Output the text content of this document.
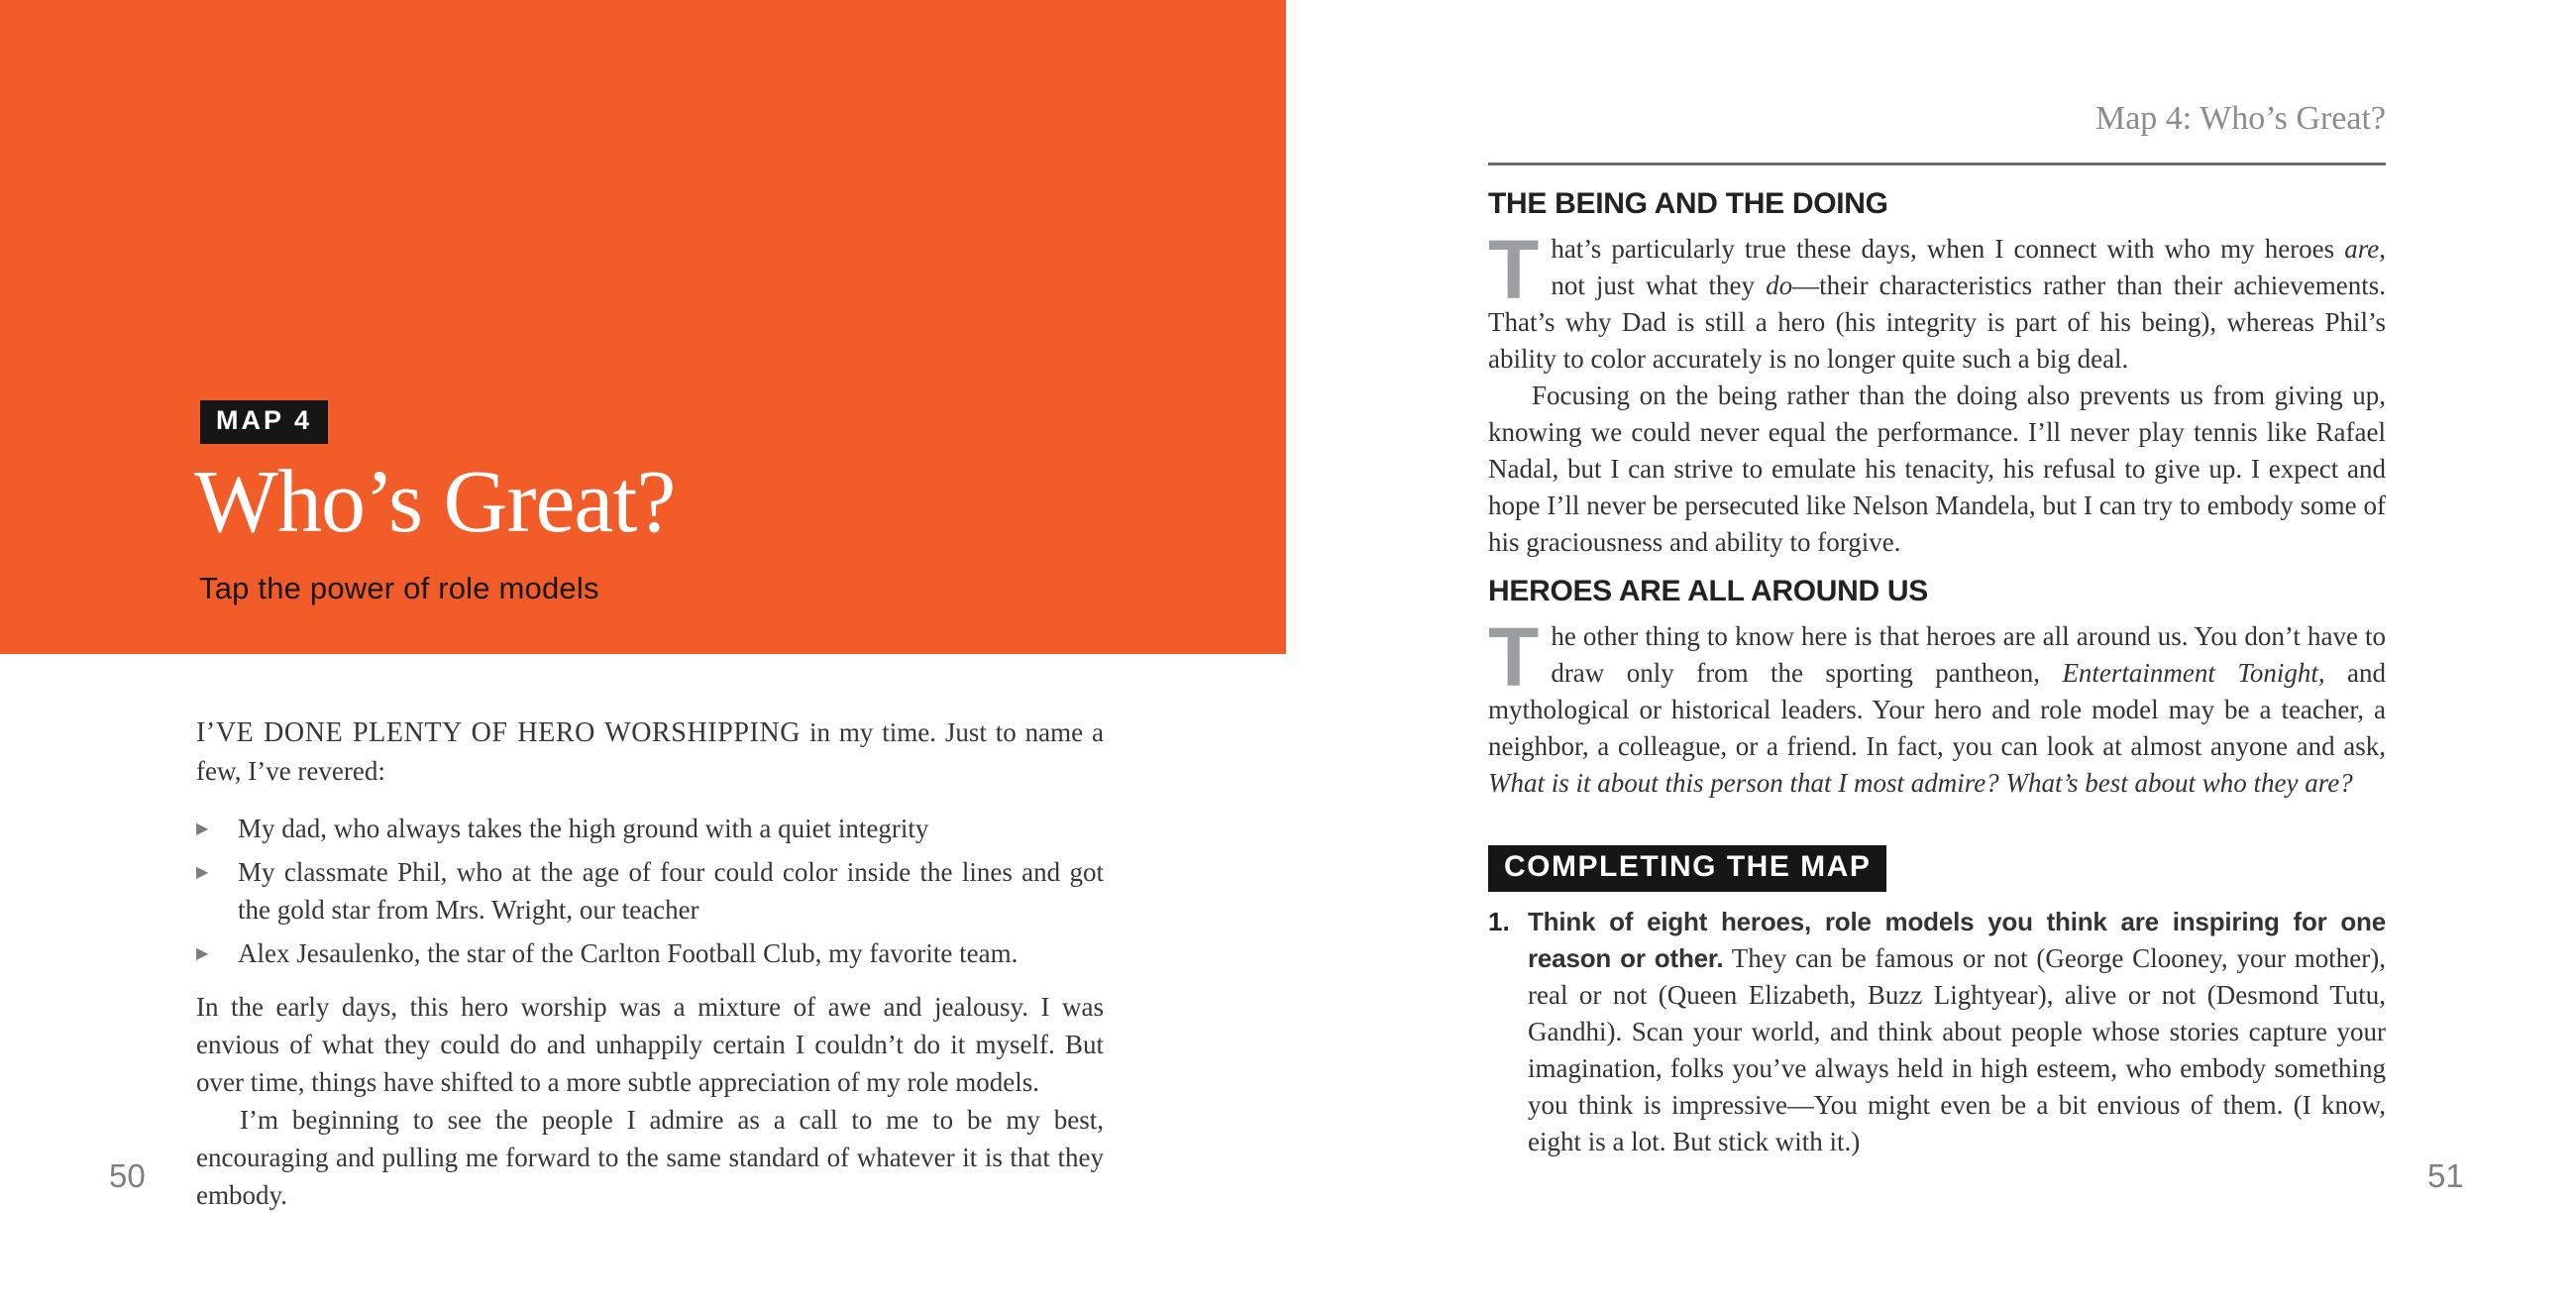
MAP 4
Who’s Great?

Tap the power of role models

I’VE DONE PLENTY OF HERO WORSHIPPING in my time. Just to name a few, I’ve revered:

▶	My dad, who always takes the high ground with a quiet integrity
▶	My classmate Phil, who at the age of four could color inside the lines and got the gold star from Mrs. Wright, our teacher
▶	Alex Jesaulenko, the star of the Carlton Football Club, my favorite team.

In the early days, this hero worship was a mixture of awe and jealousy. I was envious of what they could do and unhappily certain I couldn’t do it myself. But over time, things have shifted to a more subtle appreciation of my role models.

I’m beginning to see the people I admire as a call to me to be my best, encouraging and pulling me forward to the same standard of whatever it is that they embody.

50
Map 4: Who’s Great?
THE BEING AND THE DOING

That’s particularly true these days, when I connect with who my heroes are, not just what they do—their characteristics rather than their achievements. That’s why Dad is still a hero (his integrity is part of his being), whereas Phil’s ability to color accurately is no longer quite such a big deal.

Focusing on the being rather than the doing also prevents us from giving up, knowing we could never equal the performance. I’ll never play tennis like Rafael Nadal, but I can strive to emulate his tenacity, his refusal to give up. I expect and hope I’ll never be persecuted like Nelson Mandela, but I can try to embody some of his graciousness and ability to forgive.

HEROES ARE ALL AROUND US

The other thing to know here is that heroes are all around us. You don’t have to draw only from the sporting pantheon, Entertainment Tonight, and mythological or historical leaders. Your hero and role model may be a teacher, a neighbor, a colleague, or a friend. In fact, you can look at almost anyone and ask, What is it about this person that I most admire? What’s best about who they are?

COMPLETING THE MAP
1. Think of eight heroes, role models you think are inspiring for one reason or other. They can be famous or not (George Clooney, your mother), real or not (Queen Elizabeth, Buzz Lightyear), alive or not (Desmond Tutu, Gandhi). Scan your world, and think about people whose stories capture your imagination, folks you’ve always held in high esteem, who embody something you think is impressive—You might even be a bit envious of them. (I know, eight is a lot. But stick with it.)
51
